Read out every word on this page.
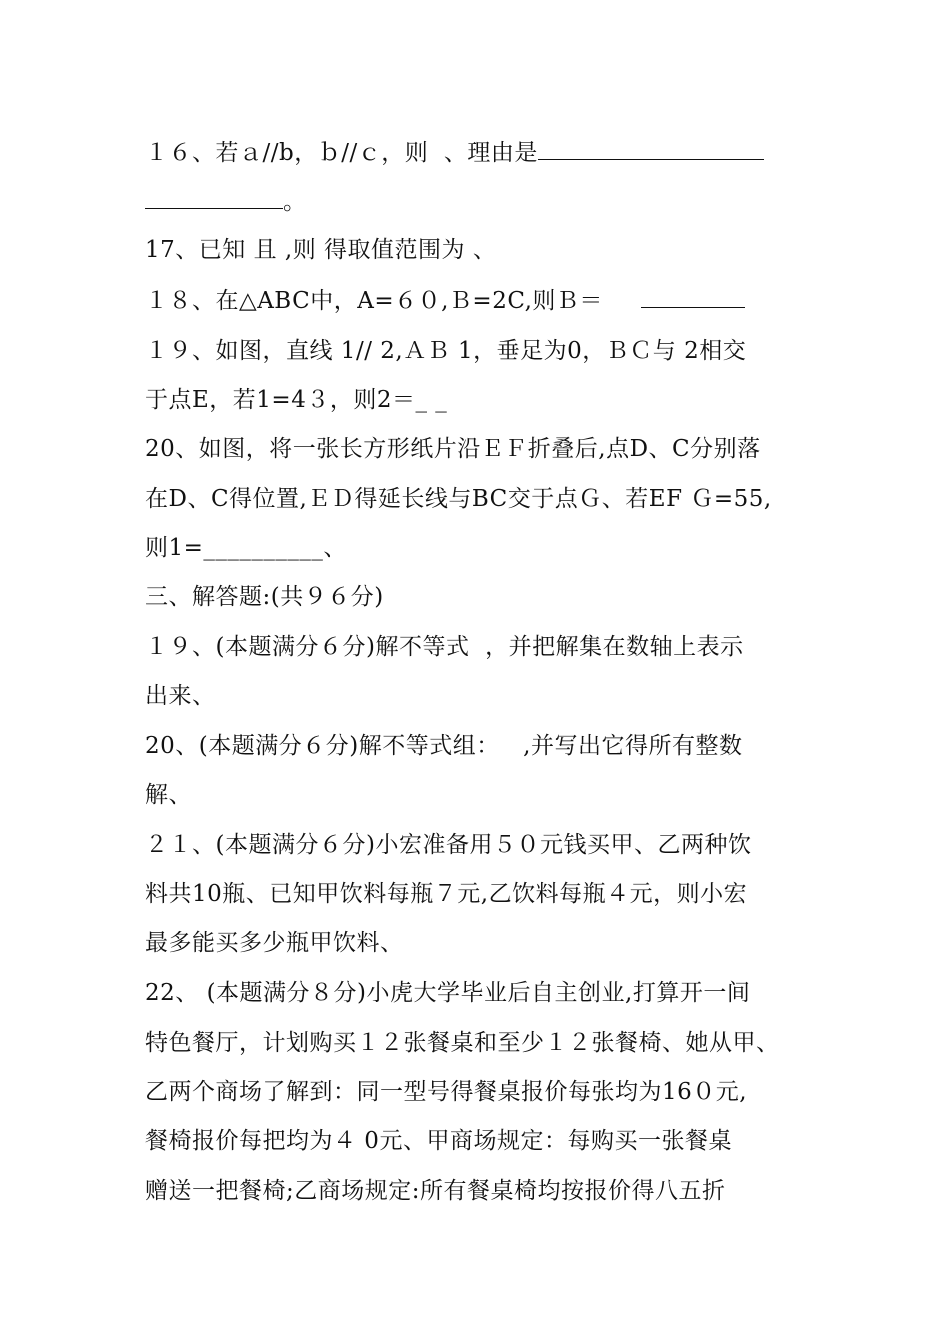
１６、若ａ//b，ｂ//ｃ，则  、理由是
。
17、已知 且 ,则 得取值范围为 、
１８、在△ABC中，A=６０,Ｂ=2C,则Ｂ＝
１９、如图，直线 1// 2,ＡＢ 1，垂足为0，ＢＣ与 2相交
于点E，若1=4３，则2＝_ _
20、如图，将一张长方形纸片沿ＥＦ折叠后,点D、C分别落
在D、C得位置,ＥＤ得延长线与BC交于点Ｇ、若EF Ｇ=55,
则1=__________、
三、解答题:(共９６分)
１９、(本题满分６分)解不等式  ，并把解集在数轴上表示
出来、
20、(本题满分６分)解不等式组：   ,并写出它得所有整数
解、
２１、(本题满分６分)小宏准备用５０元钱买甲、乙两种饮
料共10瓶、已知甲饮料每瓶７元,乙饮料每瓶４元，则小宏
最多能买多少瓶甲饮料、
22、 (本题满分８分)小虎大学毕业后自主创业,打算开一间
特色餐厅，计划购买１２张餐桌和至少１２张餐椅、她从甲、
乙两个商场了解到：同一型号得餐桌报价每张均为16０元,
餐椅报价每把均为４ 0元、甲商场规定：每购买一张餐桌
赠送一把餐椅;乙商场规定:所有餐桌椅均按报价得八五折
